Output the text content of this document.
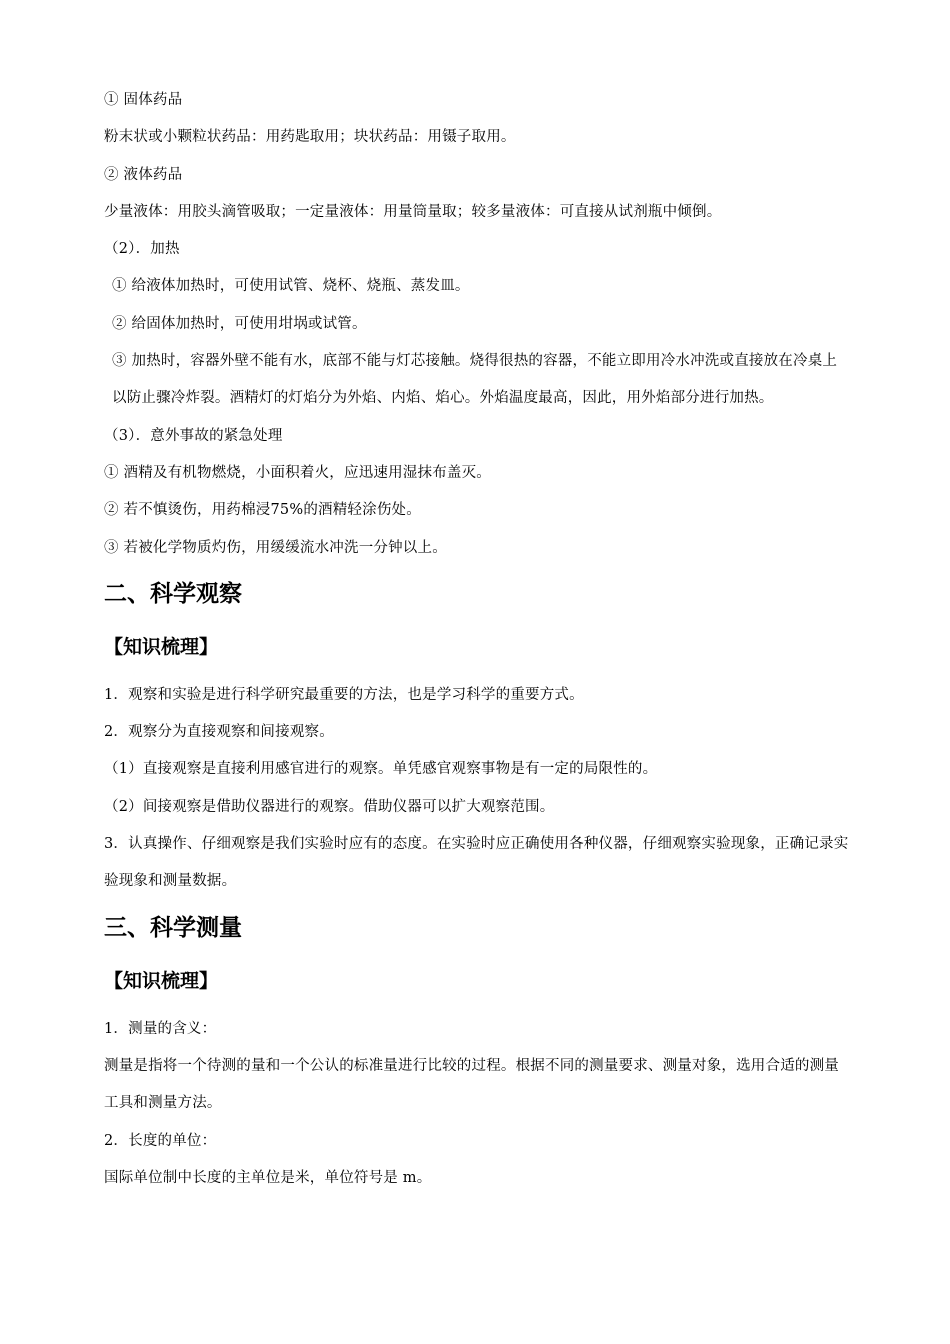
① 固体药品

粉末状或小颗粒状药品：用药匙取用；块状药品：用镊子取用。

② 液体药品

少量液体：用胶头滴管吸取；一定量液体：用量筒量取；较多量液体：可直接从试剂瓶中倾倒。

（2）．加热

① 给液体加热时，可使用试管、烧杯、烧瓶、蒸发皿。

② 给固体加热时，可使用坩埚或试管。

③ 加热时，容器外壁不能有水，底部不能与灯芯接触。烧得很热的容器，不能立即用冷水冲洗或直接放在冷桌上以防止骤冷炸裂。酒精灯的灯焰分为外焰、内焰、焰心。外焰温度最高，因此，用外焰部分进行加热。

（3）．意外事故的紧急处理

① 酒精及有机物燃烧，小面积着火，应迅速用湿抹布盖灭。

② 若不慎烫伤，用药棉浸75%的酒精轻涂伤处。

③ 若被化学物质灼伤，用缓缓流水冲洗一分钟以上。

二、科学观察
【知识梳理】

1．观察和实验是进行科学研究最重要的方法，也是学习科学的重要方式。

2．观察分为直接观察和间接观察。

（1）直接观察是直接利用感官进行的观察。单凭感官观察事物是有一定的局限性的。

（2）间接观察是借助仪器进行的观察。借助仪器可以扩大观察范围。

3．认真操作、仔细观察是我们实验时应有的态度。在实验时应正确使用各种仪器，仔细观察实验现象，正确记录实验现象和测量数据。

三、科学测量
【知识梳理】

1．测量的含义：

测量是指将一个待测的量和一个公认的标准量进行比较的过程。根据不同的测量要求、测量对象，选用合适的测量工具和测量方法。

2．长度的单位：

国际单位制中长度的主单位是米，单位符号是 m。
